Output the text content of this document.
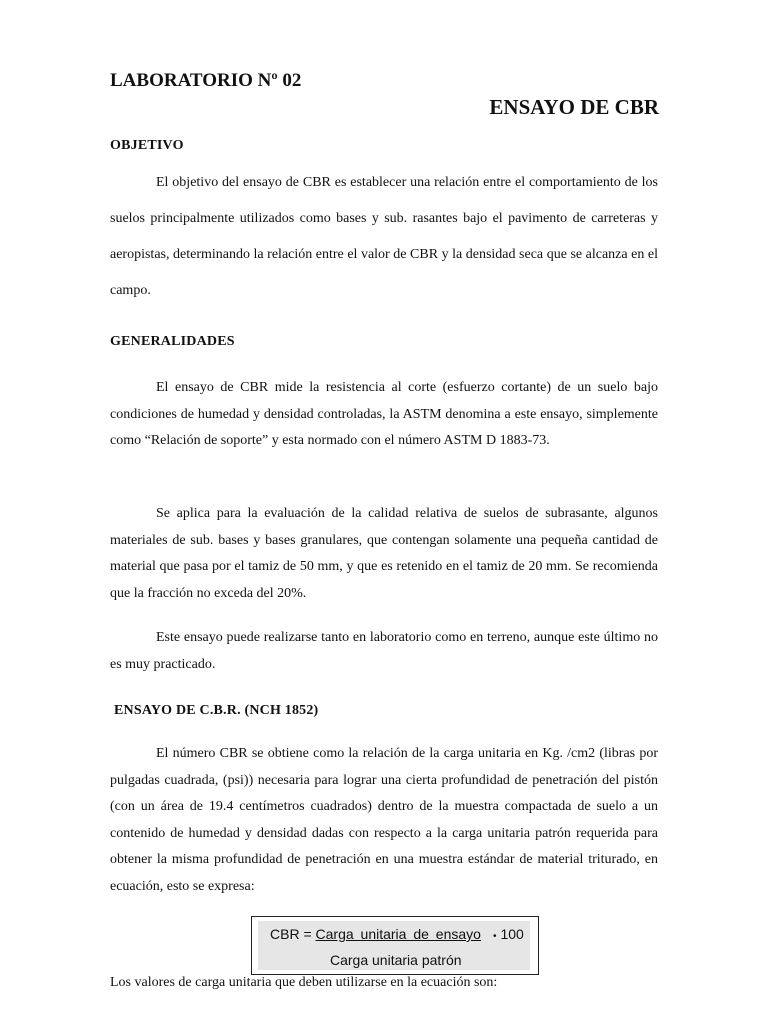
LABORATORIO Nº 02
ENSAYO DE CBR
OBJETIVO

El objetivo del ensayo de CBR es establecer una relación entre el comportamiento de los suelos principalmente utilizados como bases y sub. rasantes bajo el pavimento de carreteras y aeropistas, determinando la relación entre el valor de CBR y la densidad seca que se alcanza en el campo.

GENERALIDADES

El ensayo de CBR mide la resistencia al corte (esfuerzo cortante) de un suelo bajo condiciones de humedad y densidad controladas, la ASTM denomina a este ensayo, simplemente como “Relación de soporte” y esta normado con el número ASTM D 1883-73.

Se aplica para la evaluación de la calidad relativa de suelos de subrasante, algunos materiales de sub. bases y bases granulares, que contengan solamente una pequeña cantidad de material que pasa por el tamiz de 50 mm, y que es retenido en el tamiz de 20 mm. Se recomienda que la fracción no exceda del 20%.

Este ensayo puede realizarse tanto en laboratorio como en terreno, aunque este último no es muy practicado.

ENSAYO DE C.B.R. (NCH 1852)

El número CBR se obtiene como la relación de la carga unitaria en Kg. /cm2 (libras por pulgadas cuadrada, (psi)) necesaria para lograr una cierta profundidad de penetración del pistón (con un área de 19.4 centímetros cuadrados) dentro de la muestra compactada de suelo a un contenido de humedad y densidad dadas con respecto a la carga unitaria patrón requerida para obtener la misma profundidad de penetración en una muestra estándar de material triturado, en ecuación, esto se expresa:

CBR = Carga unitaria de ensayo • 100
Carga unitaria patrón
Los valores de carga unitaria que deben utilizarse en la ecuación son:
